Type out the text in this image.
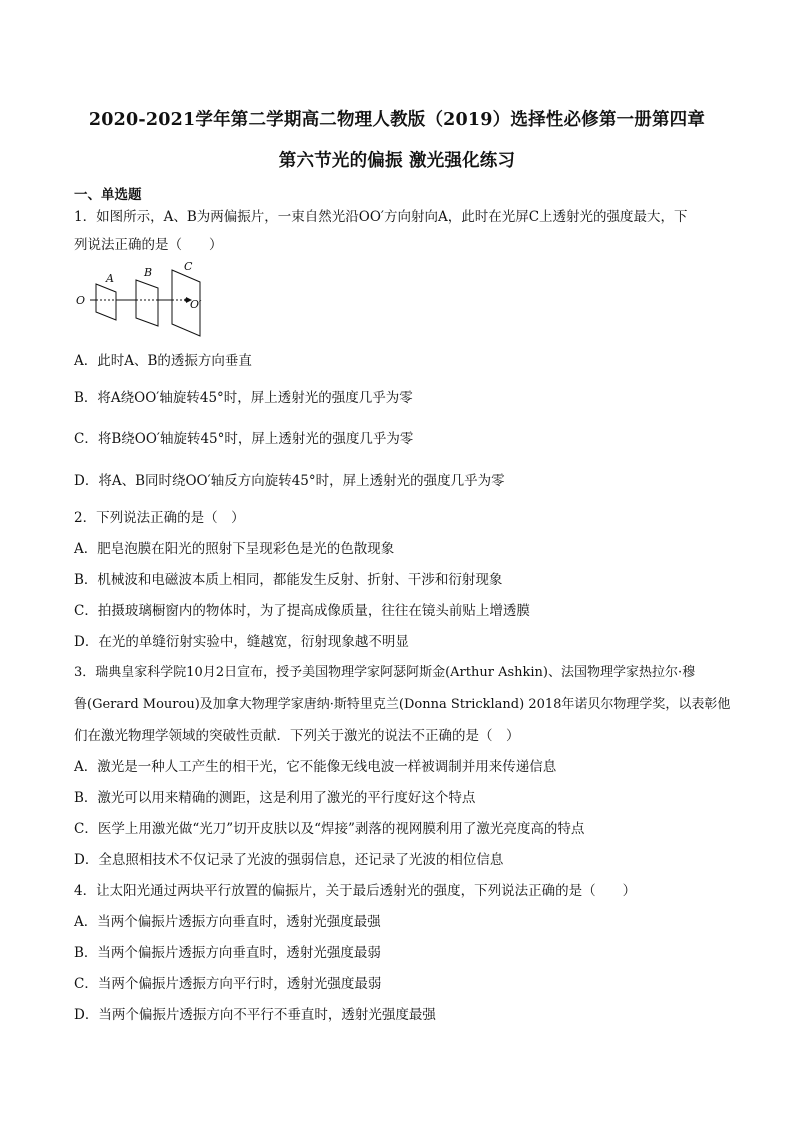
2020-2021学年第二学期高二物理人教版（2019）选择性必修第一册第四章
第六节光的偏振 激光强化练习
一、单选题
1．如图所示，A、B为两偏振片，一束自然光沿OO′方向射向A，此时在光屏C上透射光的强度最大，下
列说法正确的是（　　）
O
A	B	C
O′
A．此时A、B的透振方向垂直
B．将A绕OO′轴旋转45°时，屏上透射光的强度几乎为零
C．将B绕OO′轴旋转45°时，屏上透射光的强度几乎为零
D．将A、B同时绕OO′轴反方向旋转45°时，屏上透射光的强度几乎为零
2．下列说法正确的是（　）
A．肥皂泡膜在阳光的照射下呈现彩色是光的色散现象
B．机械波和电磁波本质上相同，都能发生反射、折射、干涉和衍射现象
C．拍摄玻璃橱窗内的物体时，为了提高成像质量，往往在镜头前贴上增透膜
D．在光的单缝衍射实验中，缝越宽，衍射现象越不明显
3．瑞典皇家科学院10月2日宣布，授予美国物理学家阿瑟阿斯金(Arthur Ashkin)、法国物理学家热拉尔·穆
鲁(Gerard Mourou)及加拿大物理学家唐纳·斯特里克兰(Donna Strickland) 2018年诺贝尔物理学奖，以表彰他
们在激光物理学领域的突破性贡献．下列关于激光的说法不正确的是（　）
A．激光是一种人工产生的相干光，它不能像无线电波一样被调制并用来传递信息
B．激光可以用来精确的测距，这是利用了激光的平行度好这个特点
C．医学上用激光做“光刀”切开皮肤以及“焊接”剥落的视网膜利用了激光亮度高的特点
D．全息照相技术不仅记录了光波的强弱信息，还记录了光波的相位信息
4．让太阳光通过两块平行放置的偏振片，关于最后透射光的强度，下列说法正确的是（　　）
A．当两个偏振片透振方向垂直时，透射光强度最强
B．当两个偏振片透振方向垂直时，透射光强度最弱
C．当两个偏振片透振方向平行时，透射光强度最弱
D．当两个偏振片透振方向不平行不垂直时，透射光强度最强
